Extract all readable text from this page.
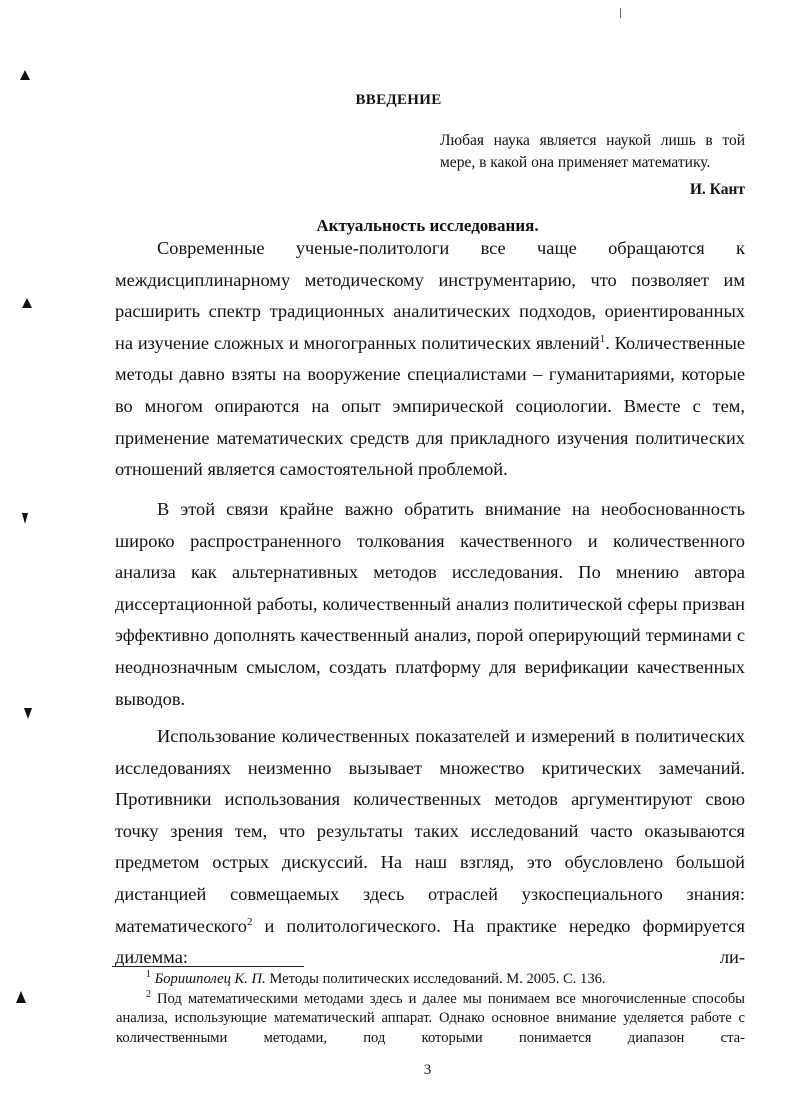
ВВЕДЕНИЕ
Любая наука является наукой лишь в той мере, в какой она применяет математику.
И. Кант
Актуальность исследования.

Современные ученые-политологи все чаще обращаются к междисциплинарному методическому инструментарию, что позволяет им расширить спектр традиционных аналитических подходов, ориентированных на изучение сложных и многогранных политических явлений$^1$. Количественные методы давно взяты на вооружение специалистами – гуманитариями, которые во многом опираются на опыт эмпирической социологии. Вместе с тем, применение математических средств для прикладного изучения политических отношений является самостоятельной проблемой.

В этой связи крайне важно обратить внимание на необоснованность широко распространенного толкования качественного и количественного анализа как альтернативных методов исследования. По мнению автора диссертационной работы, количественный анализ политической сферы призван эффективно дополнять качественный анализ, порой оперирующий терминами с неоднозначным смыслом, создать платформу для верификации качественных выводов.

Использование количественных показателей и измерений в политических исследованиях неизменно вызывает множество критических замечаний. Противники использования количественных методов аргументируют свою точку зрения тем, что результаты таких исследований часто оказываются предметом острых дискуссий. На наш взгляд, это обусловлено большой дистанцией совмещаемых здесь отраслей узкоспециального знания: математического$^2$ и политологического. На практике нередко формируется дилемма: ли-

$^1$ Боришполец К. П. Методы политических исследований. М. 2005. С. 136.

$^2$ Под математическими методами здесь и далее мы понимаем все многочисленные способы анализа, использующие математический аппарат. Однако основное внимание уделяется работе с количественными методами, под которыми понимается диапазон ста-

3
